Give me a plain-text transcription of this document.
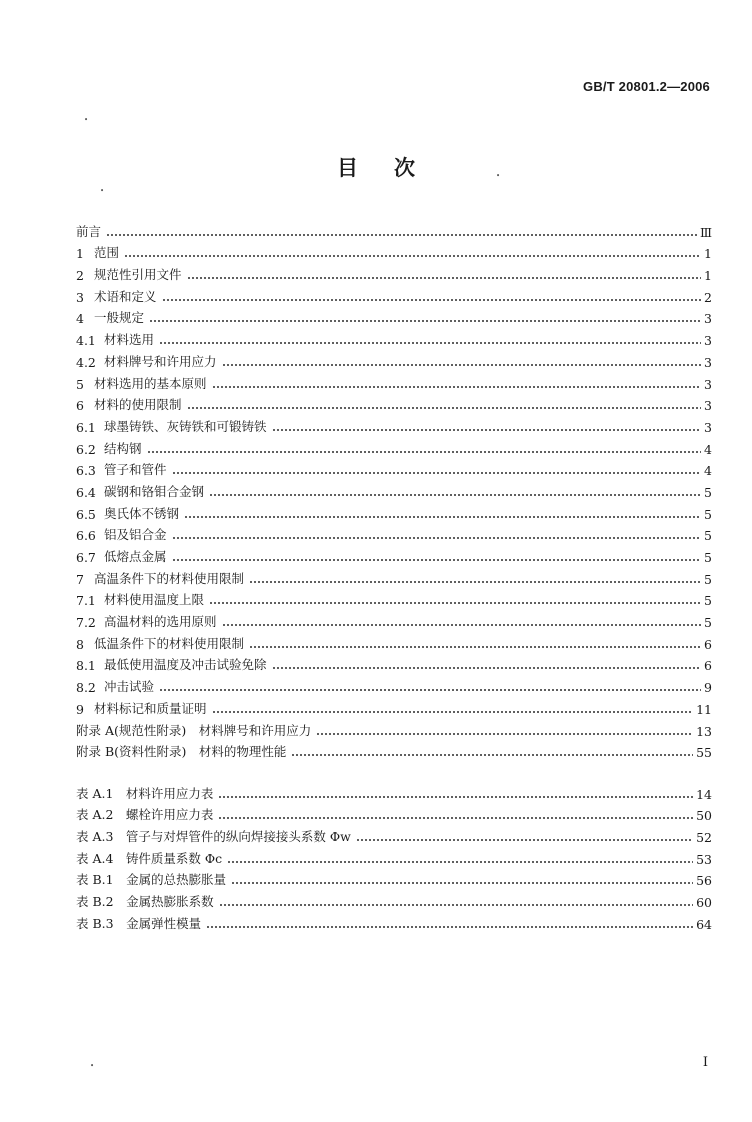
GB/T 20801.2—2006
•
•
•
•
目次
前言	Ⅲ
1 范围	1
2 规范性引用文件	1
3 术语和定义	2
4 一般规定	3
4.1 材料选用	3
4.2 材料牌号和许用应力	3
5 材料选用的基本原则	3
6 材料的使用限制	3
6.1 球墨铸铁、灰铸铁和可锻铸铁	3
6.2 结构钢	4
6.3 管子和管件	4
6.4 碳钢和铬钼合金钢	5
6.5 奥氏体不锈钢	5
6.6 铝及铝合金	5
6.7 低熔点金属	5
7 高温条件下的材料使用限制	5
7.1 材料使用温度上限	5
7.2 高温材料的选用原则	5
8 低温条件下的材料使用限制	6
8.1 最低使用温度及冲击试验免除	6
8.2 冲击试验	9
9 材料标记和质量证明	11
附录 A(规范性附录)　材料牌号和许用应力	13
附录 B(资料性附录)　材料的物理性能	55
表 A.1　材料许用应力表	14
表 A.2　螺栓许用应力表	50
表 A.3　管子与对焊管件的纵向焊接接头系数 Φw	52
表 A.4　铸件质量系数 Φc	53
表 B.1　金属的总热膨胀量	56
表 B.2　金属热膨胀系数	60
表 B.3　金属弹性模量	64
I
